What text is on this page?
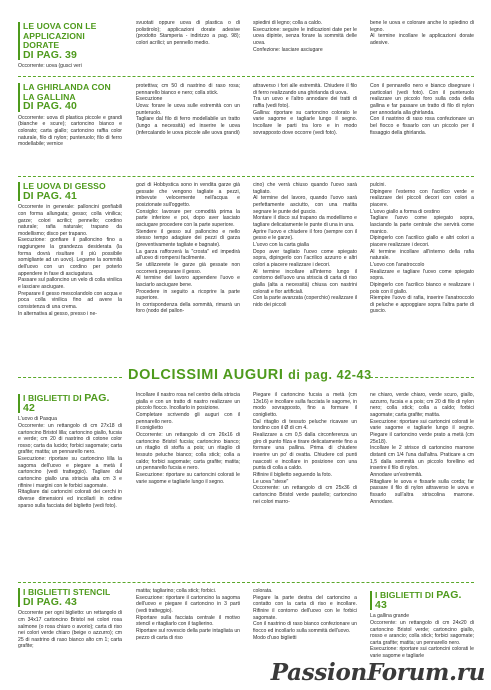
LE UOVA CON LE APPLICAZIONI DORATE
DI PAG. 39

Occorrente: uova (gusci veri

svuotati oppure uova di plastica o di polistirolo); applicazioni dorate adesive (prodotto Stamperia - indirizzo a pag. 98); colori acrilici; un pennello medio.

spiedini di legno; colla a caldo.
Esecuzione: seguire le indicazioni date per le uova dipinte, senza forare la sommità delle uova.
Confezione: lasciare asciugare

bene le uova e colorare anche lo spiedino di legno.
Al termine incollare le applicazioni dorate adesive.

LA GHIRLANDA CON LA GALLINA
DI PAG. 40

Occorrente: uova di plastica piccole e grandi (bianche e scure); cartoncino bianco e colorato; carta giallo; cartoncino raffia color naturale, filo di nylon; punteruolo; filo di ferro modellabile; vernice

protettiva; cm 50 di nastrino di raso rosa; pennarello bianco e nero; colla stick.
Esecuzione
Uova: forare le uova sulle estremità con un punteruolo.
Tagliare dal filo di ferro modellabile un tratto (lungo a necessità) ed inserire le uova (infercalando le uova piccole alle uova grandi)

attraverso i fori alle estremità. Chiudere il filo di ferro realizzando una ghirlanda di uova.
Tra un uovo e l'altro annodare dei tratti di raffia (vedi foto).
Gallina: riportare su cartoncino colorato le varie sagome e tagliarle lungo il segno. Incollare le parti tra loro e in modo sovrapposto dove occorre (vedi foto).

Con il pennarello nero e bianco disegnare i particolari (vedi foto). Con il punteruolo realizzare un piccolo foro sulla coda della gallina e far passare un tratto di filo di nylon per annodarla alla ghirlanda.
Con il nastrino di raso rosa confezionare un bel fiocco e fissarlo con un piccolo per il fissaggio della ghirlanda.

LE UOVA DI GESSO
DI PAG. 41

Occorrente in generale: palloncini gonfiabili con forma allungata; gesso; colla vinilica; garze; colori acrilici; pennello; cordino naturale; rafia naturale; trapano da modellismo; disco per trapano.
Esecuzione: gonfiare il palloncino fino a raggiungere la grandezza desiderata (la forma dovrà risultare il più possibile somigliante ad un uovo). Legarne la sommità dell'uovo con un cordino per poterlo appendere in fase di asciugatura.
Passare sul palloncino un velo di colla vinilica e lasciare asciugare.
Preparare il gesso mescolandolo con acqua e poca colla vinilica fino ad avere la consistenza di una crema.
In alternativa al gesso, presso i ne-

gozi di Hobbystica sono in vendita garze già gessate che vengono tagliate a pezzi, imbevute velocemente nell'acqua e posizionate sull'oggetto.
Consiglio: lavorare per comodità prima la parte inferiore e poi, dopo aver lasciato asciugare procedere con la parte superiore.
Stendere il gesso sul palloncino e nello stesso tempo adagiare dei pezzi di garza (preventivamente tagliate e bagnate).
La garza rafforzerà la "crosta" ed impedirà all'uovo di rompersi facilmente.
Se utilizzerete le garze già gessate non occorrerà preparare il gesso.
Al termine del lavoro appendere l'uovo e lasciarlo asciugare bene.
Procedere in seguito a ricoprire la parte superiore.
In corrispondenza della sommità, rimarrà un foro (nodo del pallon-

cino) che verrà chiuso quando l'uovo sarà tagliato.
Al termine del lavoro, quando l'uovo sarà perfettamente asciutto, con una matita segnare le punte del guscio.
Montare il disco sul trapano da modellismo e tagliare delicatamente le punte di una in una.
Aprire l'uovo e chiudere il foro (sempre con il gesso e le garze).
L'uovo con la carta gialla
Dopo aver tagliato l'uovo come spiegato sopra, dipingerlo con l'acrilico azzurro e altri colori a piacere realizzare i decori.
Al termine incollare all'interno lungo il contorno dell'uovo una striscia di carta di riso gialla (alta a necessità) chiusa con nastrini colorati e fior artificiali.
Con la parte avanzata (coperchio) realizzare il nido dei piccoli

pulcini.
Dipingere l'esterno con l'acrilico verde e realizzare dei piccoli decori con colori a piacere.
L'uovo giallo a forma di cestino
Tagliare l'uovo come spiegato sopra, lasciando la parte centrale che servirà come manico.
Dipingerlo con l'acrilico giallo e altri colori a piacere realizzare i decori.
Al termine incollare all'interno della rafia naturale.
L'uovo con l'anatroccolo
Realizzare e tagliare l'uovo come spiegato sopra.
Dipingerlo con l'acrilico bianco e realizzare i pois con il giallo.
Riempire l'uovo di rafia, inserire l'anatroccolo di peluche e appoggiare sopra l'altra parte di guscio.

DOLCISSIMI AUGURI di pag. 42-43
I BIGLIETTI DI PAG. 42

L'uovo di Pasqua
Occorrente: un rettangolo di cm 27x18 di cartoncino Bristol lilla; cartoncino giallo, fucsia e verde; cm 20 di nastrino di cotone color rosso; carta da lucido; forbici sagomate; carta grafite; matita; un pennarello nero.
Esecuzione: riportare su cartoncino lilla la sagoma dell'uovo e piegare a metà il cartoncino (vedi tratteggio). Tagliare dal cartoncino giallo una striscia alta cm 3 e rifinire i margini con le forbici sagomate.
Ritagliare dai cartoncini colorati dei cerchi in diverse dimensioni ed incollarli in ordine sparso sulla facciata del biglietto (vedi foto).

Incollare il nastro rosa nel centro della striscia gialla e con un tratto di nastro realizzare un piccolo fiocco. Incollarlo in posizione.
Completare scrivendo gli auguri con il pennarello nero.
Il coniglietto
Occorrente: un rettangolo di cm 26x16 di cartoncino Bristol fucsia; cartoncino bianco; un ritaglio di stoffa a pois; un ritaglio di tessuto peluche bianco; colla stick; colla a caldo; forbici sagomate; carta grafite; matita; un pennarello fucsia e nero.
Esecuzione: riportare su cartoncini colorati le varie sagome e tagliarle lungo il segno.

Piegare il cartoncino fucsia a metà (cm 13x16) e incollare sulla facciata le sagome, in modo sovrapposto, fino a formare il coniglietto.
Dal ritaglio di tessuto peluche ricavare un tondino con il Ø di cm 4.
Realizzare a cm 0,5 dalla circonferenza un giro di punto filza e tirare delicatamente fino a formare una pallina. Prima di chiudere inserire un po' di ovatta. Chiudere col punti nascosti e incollare in posizione con una punta di colla a caldo.
Rifinire il biglietto seguendo la foto.
Le uova "stese"
Occorrente: un rettangolo di cm 25x36 di cartoncino Bristol verde pastello; cartoncino nei colori marro-

ne chiaro, verde chiaro, verde scuro, giallo, azzurro, fucsia e a pois; cm 20 di filo di nylon nero; colla stick; colla a caldo; forbici sagomate; carta grafite; matita.
Esecuzione: riportare sui cartoncini colorati le varie sagome e tagliarle lungo il segno. Piegare il cartoncino verde prato a metà (cm 25x18).
Incollare le 2 strisce di cartoncino marrone distanti cm 1/4 l'una dall'altra. Praticare a cm 1,5 dalla sommità un piccolo forellino ed inserire il filo di nylon.
Annodare un'estremità.
Ritagliare le uova e fissarle sulla corda; far passare il filo di nylon attraverso le uova e fissarlo sull'altra striscolina marrone. Annodare.

I BIGLIETTI STENCIL
DI PAG. 43

Occorrente per ogni biglietto: un rettangolo di cm 34x17 cartoncino Bristol nei colori rosa salmone (o rosa chiaro o avorio); carta di riso nei colori verde chiaro (beige o azzurro); cm 25 di nastrino di raso bianco alto cm 1; carta grafite;

matita; tagliarino; colla stick; forbici.
Esecuzione: riportare il cartoncino la sagoma dell'uovo e piegare il cartoncino in 3 parti (vedi tratteggio).
Riportare sulla facciata centrale il motivo stencil e ritagliarlo con il taglierino.
Riportare sul rovescio della parte intagliata un pezzo di carta di riso

colorata.
Piegare la parte destra del cartoncino a contatto con la carta di riso e incollare. Rifinire il contorno dell'uovo con le forbici sagomate.
Con il nastrino di raso bianco confezionare un fiocco ed incollarlo sulla sommità dell'uovo.
Modo d'uso biglietti

I BIGLIETTI DI PAG. 43

La gallina grande
Occorrente: un rettangolo di cm 24x20 di cartoncino Bristol verde; cartoncino giallo, rosso e arancio; colla stick; forbici sagomate; carta grafite; matita; un pennarello nero.
Esecuzione: riportare sui cartoncini colorati le varie sagome e tagliarle

PassionForum.ru
